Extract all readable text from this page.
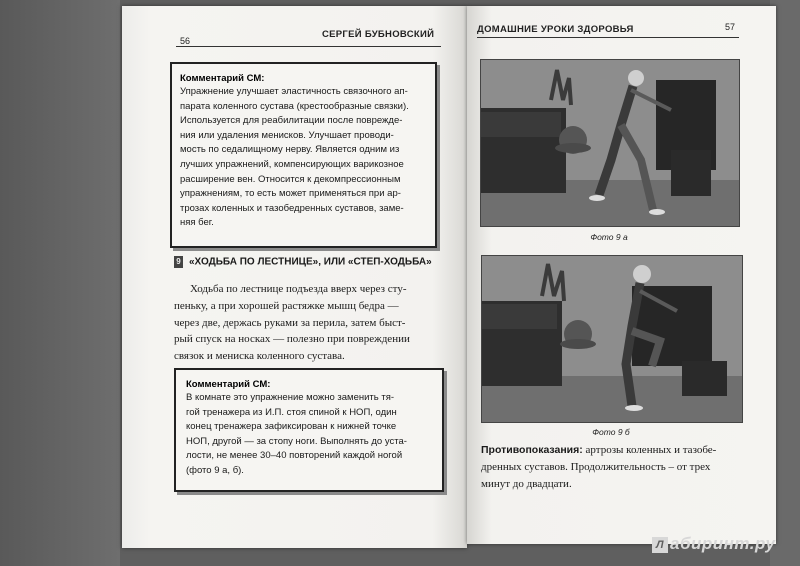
56
СЕРГЕЙ БУБНОВСКИЙ

Комментарий СМ:

Упражнение улучшает эластичность связочного ап-
парата коленного сустава (крестообразные связки).
Используется для реабилитации после поврежде-
ния или удаления менисков. Улучшает проводи-
мость по седалищному нерву. Является одним из
лучших упражнений, компенсирующих варикозное
расширение вен. Относится к декомпрессионным
упражнениям, то есть может применяться при ар-
трозах коленных и тазобедренных суставов, заме-
няя бег.

9 «ХОДЬБА ПО ЛЕСТНИЦЕ», ИЛИ «СТЕП-ХОДЬБА»
Ходьба по лестнице подъезда вверх через сту-
пеньку, а при хорошей растяжке мышц бедра —
через две, держась руками за перила, затем быст-
рый спуск на носках — полезно при повреждении
связок и мениска коленного сустава.

Комментарий СМ:

В комнате это упражнение можно заменить тя-
гой тренажера из И.П. стоя спиной к НОП, один
конец тренажера зафиксирован к нижней точке
НОП, другой — за стопу ноги. Выполнять до уста-
лости, не менее 30–40 повторений каждой ногой
(фото 9 а, б).

ДОМАШНИЕ УРОКИ ЗДОРОВЬЯ	57
Фото 9 а
Фото 9 б
Противопоказания: артрозы коленных и тазобе-
дренных суставов. Продолжительность – от трех
минут до двадцати.
Л абиринт.ру
